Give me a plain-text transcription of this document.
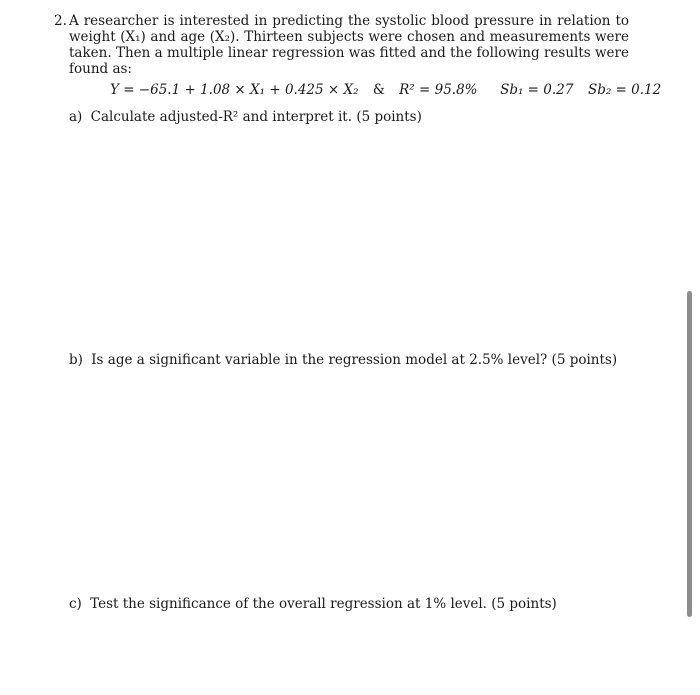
2. A researcher is interested in predicting the systolic blood pressure in relation to weight (X₁) and age (X₂). Thirteen subjects were chosen and measurements were taken. Then a multiple linear regression was fitted and the following results were found as:
Y = −65.1 + 1.08 × X₁ + 0.425 × X₂ & R² = 95.8% Sb₁ = 0.27 Sb₂ = 0.12
a) Calculate adjusted-R² and interpret it. (5 points)
b) Is age a significant variable in the regression model at 2.5% level? (5 points)
c) Test the significance of the overall regression at 1% level. (5 points)
